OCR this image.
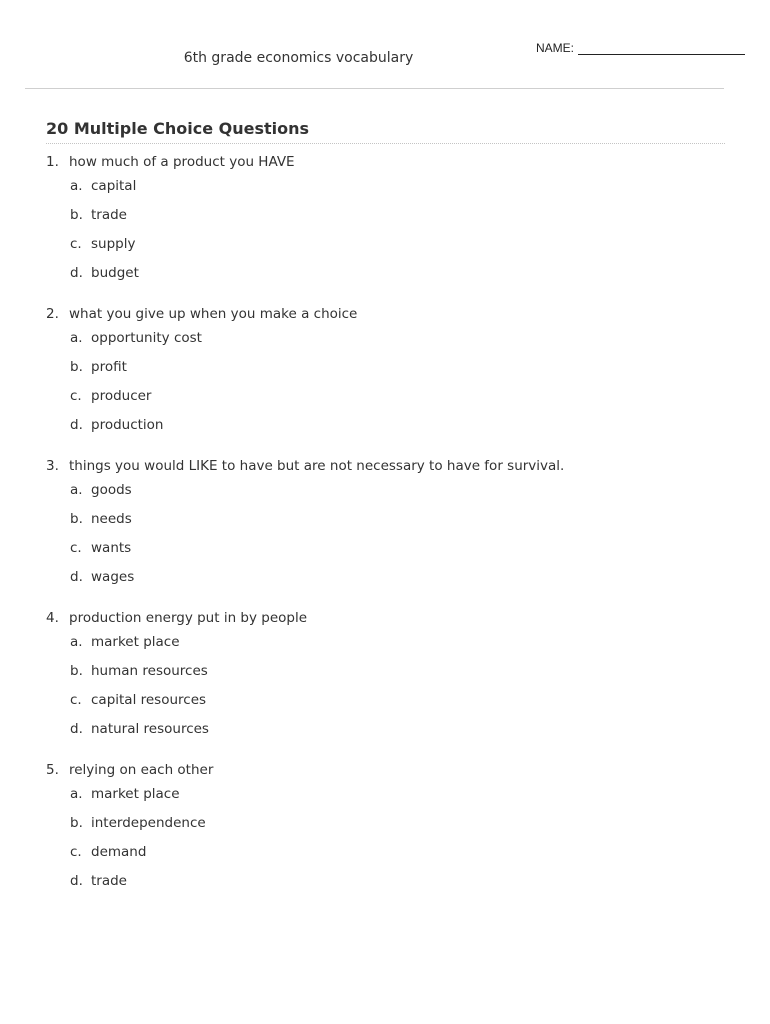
NAME:
6th grade economics vocabulary
20 Multiple Choice Questions
1. how much of a product you HAVE
a. capital
b. trade
c. supply
d. budget
2. what you give up when you make a choice
a. opportunity cost
b. profit
c. producer
d. production
3. things you would LIKE to have but are not necessary to have for survival.
a. goods
b. needs
c. wants
d. wages
4. production energy put in by people
a. market place
b. human resources
c. capital resources
d. natural resources
5. relying on each other
a. market place
b. interdependence
c. demand
d. trade
